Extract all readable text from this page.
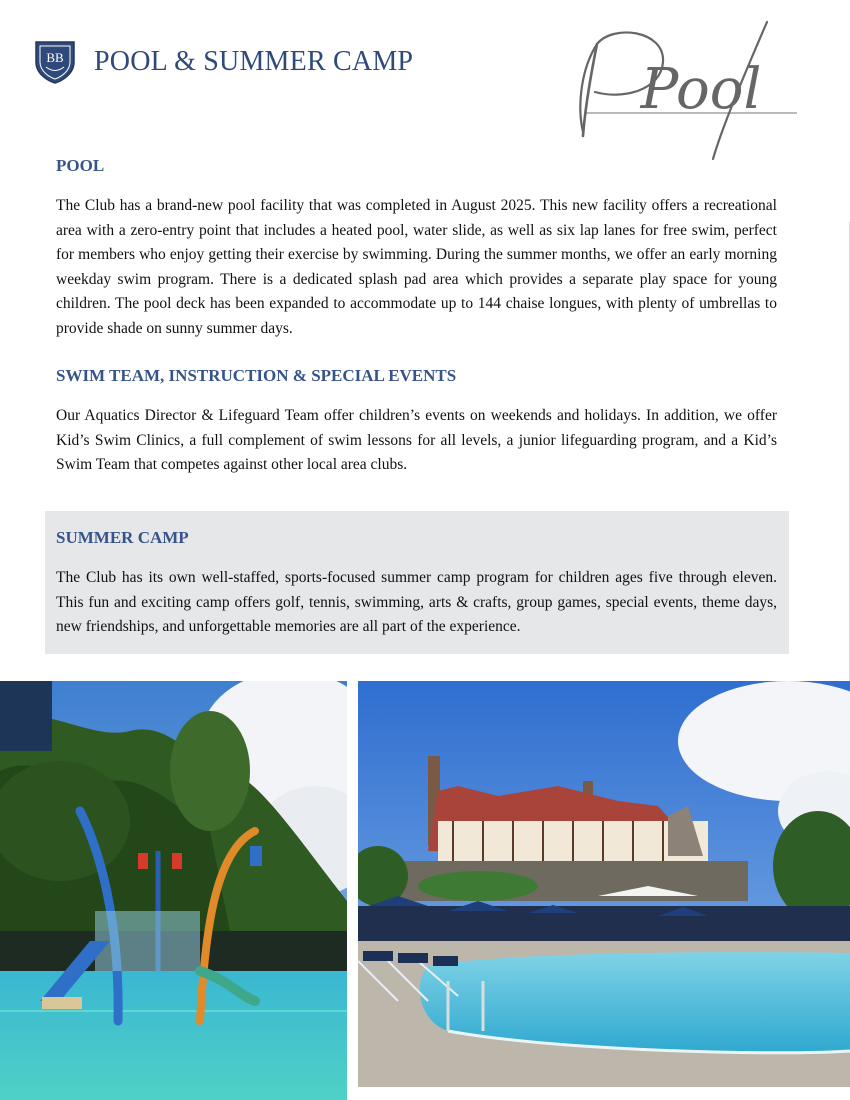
BB POOL & SUMMER CAMP	Pool
POOL

The Club has a brand-new pool facility that was completed in August 2025. This new facility offers a recreational area with a zero-entry point that includes a heated pool, water slide, as well as six lap lanes for free swim, perfect for members who enjoy getting their exercise by swimming. During the summer months, we offer an early morning weekday swim program. There is a dedicated splash pad area which provides a separate play space for young children. The pool deck has been expanded to accommodate up to 144 chaise longues, with plenty of umbrellas to provide shade on sunny summer days.

SWIM TEAM, INSTRUCTION & SPECIAL EVENTS

Our Aquatics Director & Lifeguard Team offer children’s events on weekends and holidays. In addition, we offer Kid’s Swim Clinics, a full complement of swim lessons for all levels, a junior lifeguarding program, and a Kid’s Swim Team that competes against other local area clubs.

SUMMER CAMP

The Club has its own well-staffed, sports-focused summer camp program for children ages five through eleven. This fun and exciting camp offers golf, tennis, swimming, arts & crafts, group games, special events, theme days, new friendships, and unforgettable memories are all part of the experience.
